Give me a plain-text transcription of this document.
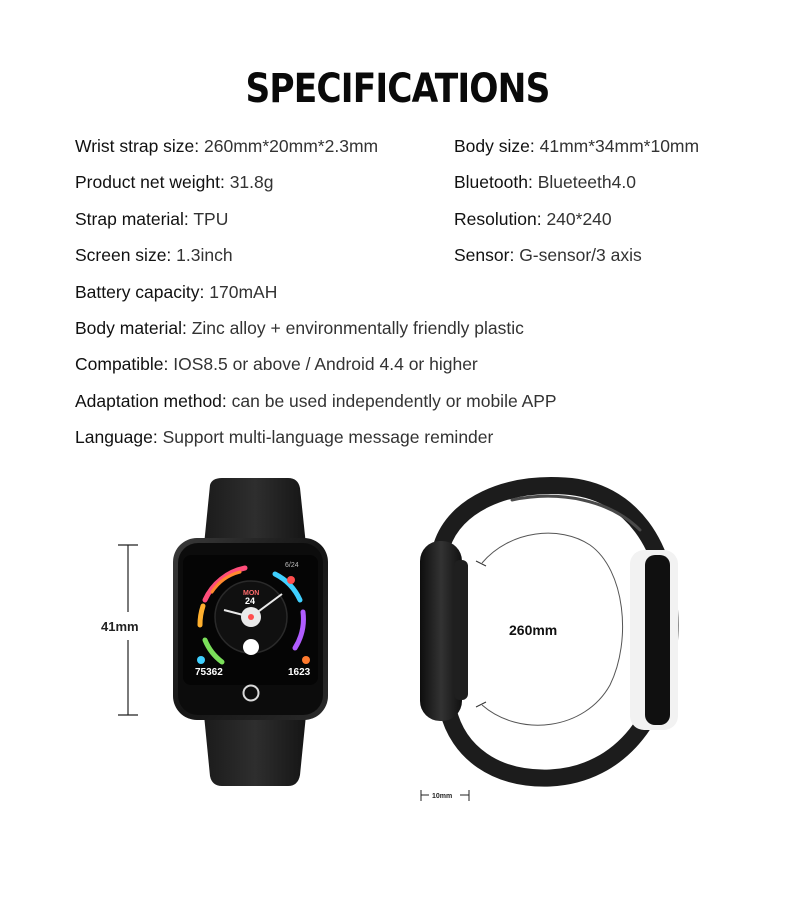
SPECIFICATIONS
Wrist strap size: 260mm*20mm*2.3mm
Product net weight: 31.8g
Strap material: TPU
Screen size: 1.3inch
Battery capacity: 170mAH
Body material: Zinc alloy + environmentally friendly plastic
Compatible: IOS8.5 or above / Android 4.4 or higher
Adaptation method: can be used independently or mobile APP
Language: Support multi-language message reminder
Body size: 41mm*34mm*10mm
Bluetooth: Blueteeth4.0
Resolution: 240*240
Sensor: G-sensor/3 axis
6/24
MON
24
75362	1623
41mm	260mm
10mm
